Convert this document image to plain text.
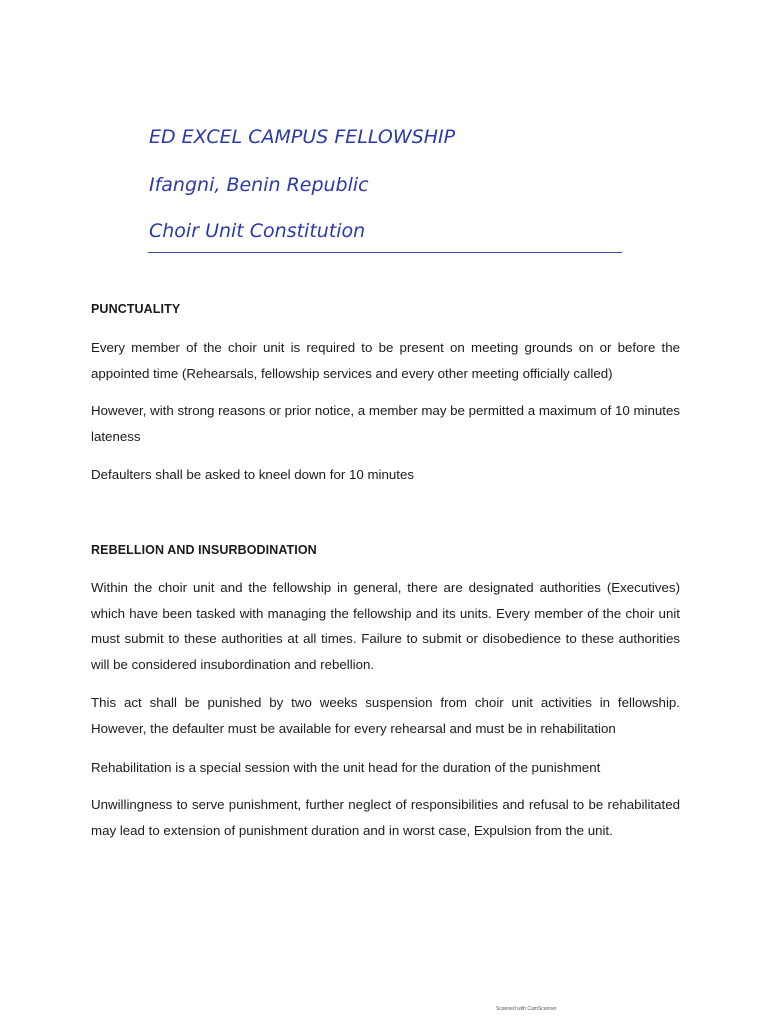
ED EXCEL CAMPUS FELLOWSHIP

Ifangni, Benin Republic

Choir Unit Constitution

PUNCTUALITY

Every member of the choir unit is required to be present on meeting grounds on or before the appointed time (Rehearsals, fellowship services and every other meeting officially called)

However, with strong reasons or prior notice, a member may be permitted a maximum of 10 minutes lateness

Defaulters shall be asked to kneel down for 10 minutes

REBELLION AND INSURBODINATION

Within the choir unit and the fellowship in general, there are designated authorities (Executives) which have been tasked with managing the fellowship and its units. Every member of the choir unit must submit to these authorities at all times. Failure to submit or disobedience to these authorities will be considered insubordination and rebellion.

This act shall be punished by two weeks suspension from choir unit activities in fellowship. However, the defaulter must be available for every rehearsal and must be in rehabilitation

Rehabilitation is a special session with the unit head for the duration of the punishment

Unwillingness to serve punishment, further neglect of responsibilities and refusal to be rehabilitated may lead to extension of punishment duration and in worst case, Expulsion from the unit.

Scanned with CamScanner
